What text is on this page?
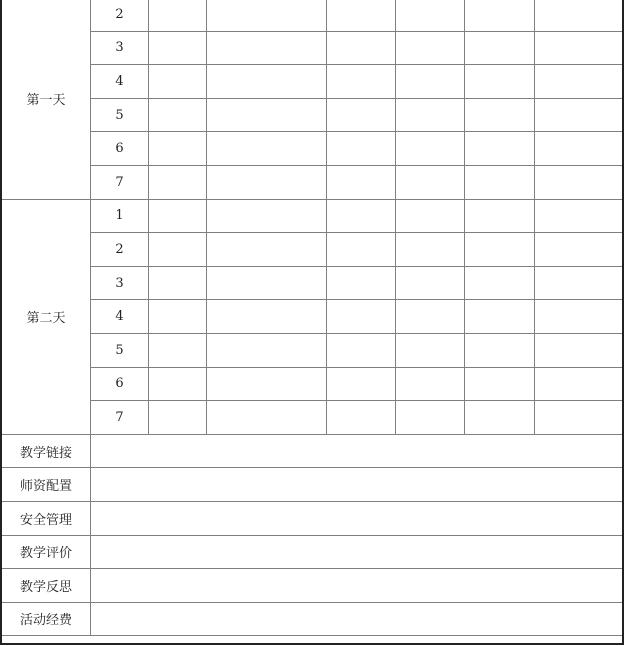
第一天	2						
	3						
	4						
	5						
	6						
	7						
第二天	1						
	2						
	3						
	4						
	5						
	6						
	7						
教学链接							
师资配置							
安全管理							
教学评价							
教学反思							
活动经费							
